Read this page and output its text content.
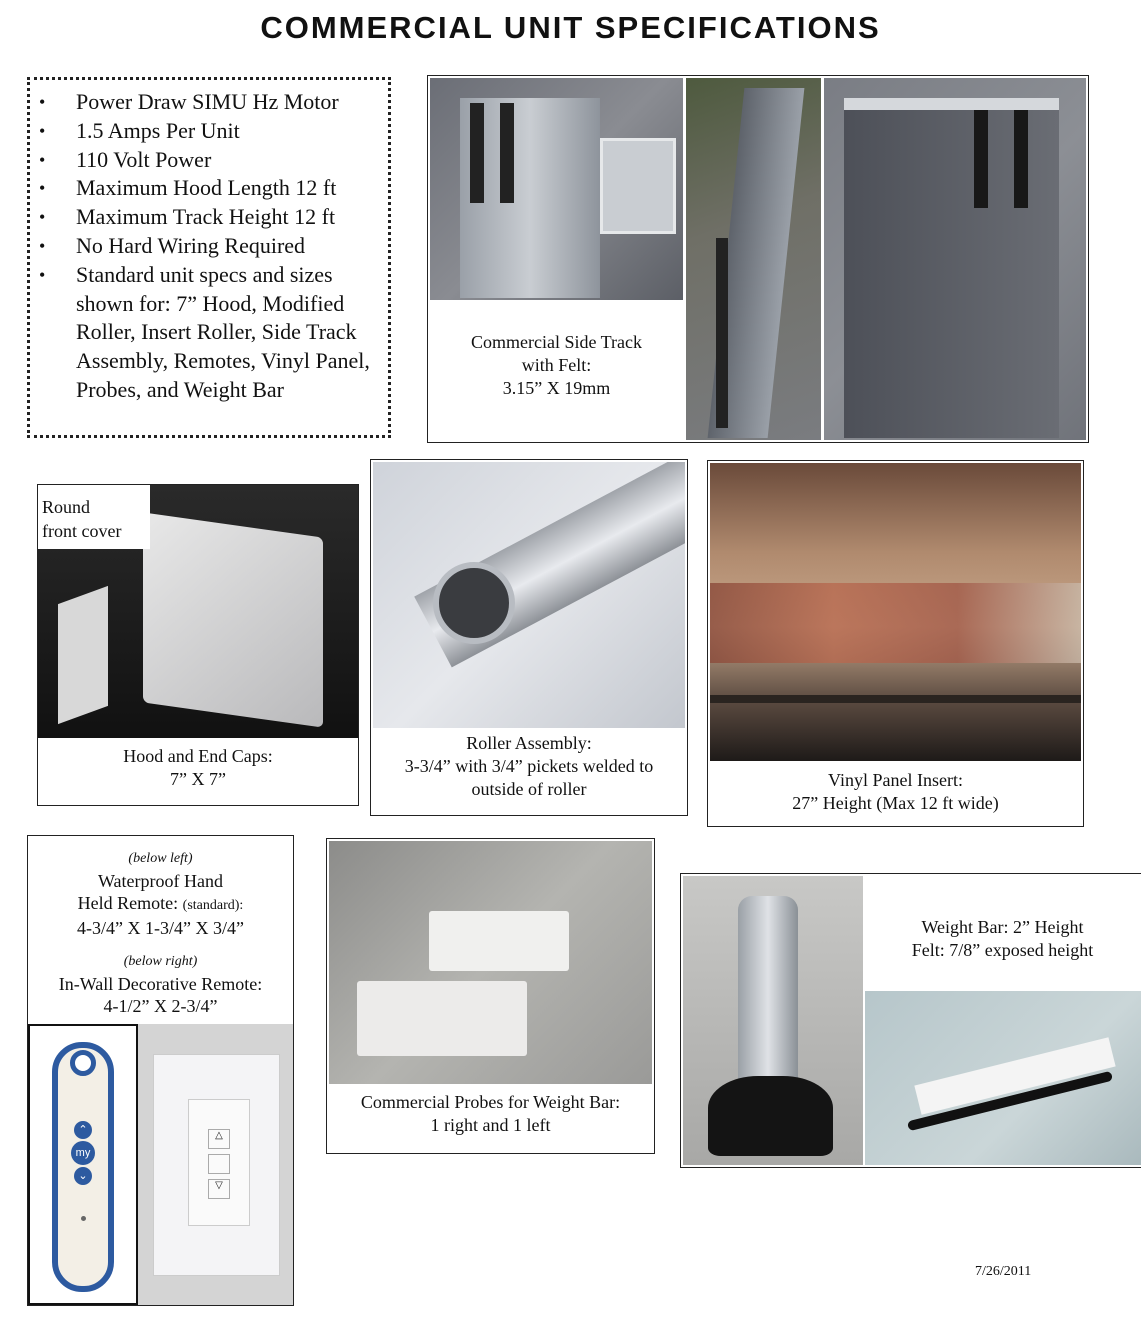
COMMERCIAL UNIT SPECIFICATIONS
• Power Draw SIMU Hz Motor
• 1.5 Amps Per Unit
• 110 Volt Power
• Maximum Hood Length 12 ft
• Maximum Track Height 12 ft
• No Hard Wiring Required
• Standard unit specs and sizes shown for: 7” Hood, Modified Roller, Insert Roller, Side Track Assembly, Remotes, Vinyl Panel, Probes, and Weight Bar
Commercial Side Track
with Felt:
3.15” X 19mm
Round
front cover
Hood and End Caps:
7” X 7”
Roller Assembly:
3-3/4” with 3/4” pickets welded to
outside of roller	Vinyl Panel Insert:
27” Height (Max 12 ft wide)
(below left)
Waterproof Hand
Held Remote: (standard):
4-3/4” X 1-3/4” X 3/4”
(below right)
In-Wall Decorative Remote:
4-1/2” X 2-3/4”
⌃
my
⌄
△
▽
Commercial Probes for Weight Bar:
1 right and 1 left
Weight Bar: 2” Height
Felt: 7/8” exposed height
7/26/2011
